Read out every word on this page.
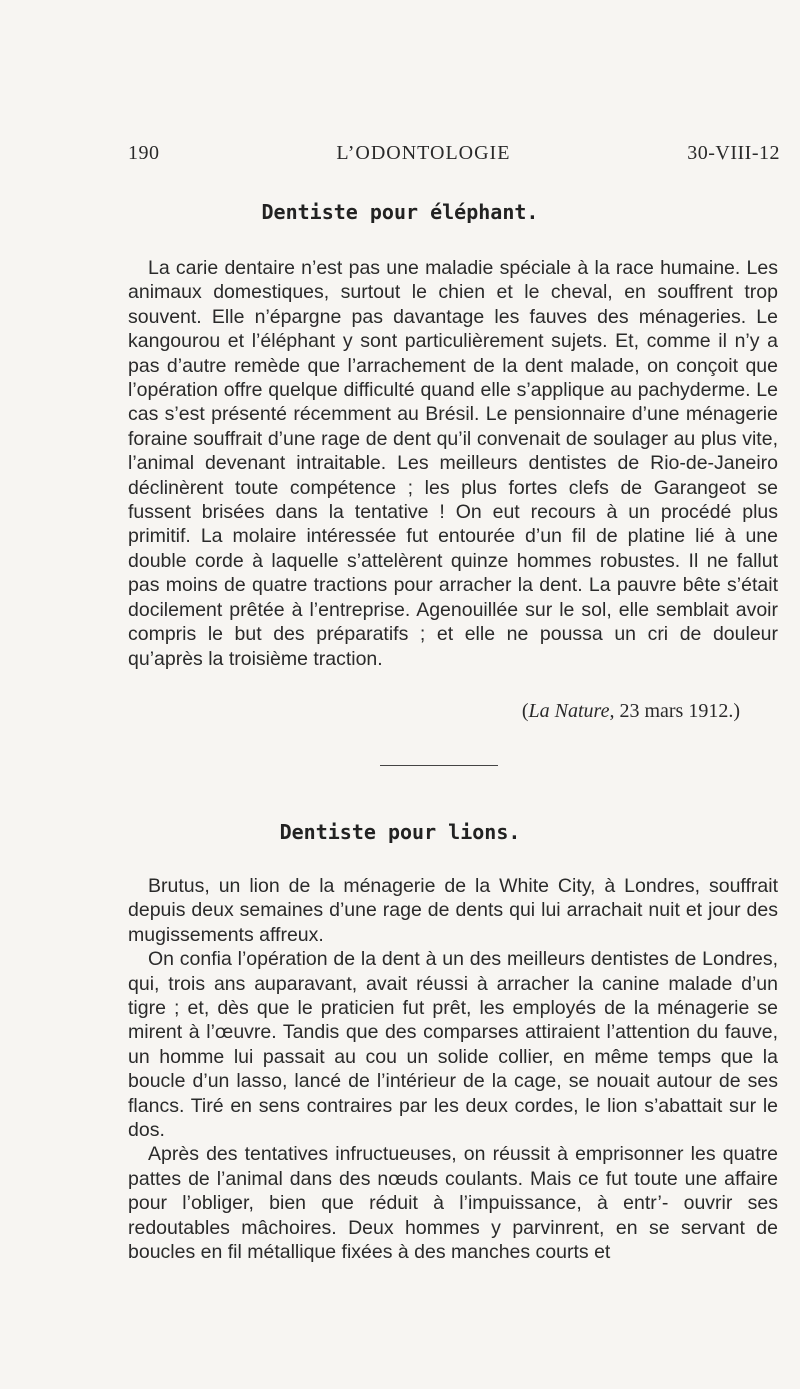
190	L’ODONTOLOGIE	30-VIII-12
Dentiste pour éléphant.

La carie dentaire n’est pas une maladie spéciale à la race humaine. Les animaux domestiques, surtout le chien et le cheval, en souffrent trop souvent. Elle n’épargne pas davantage les fauves des ménageries. Le kangourou et l’éléphant y sont particulièrement sujets. Et, comme il n’y a pas d’autre remède que l’arrachement de la dent malade, on conçoit que l’opération offre quelque difficulté quand elle s’applique au pachyderme. Le cas s’est présenté récemment au Brésil. Le pensionnaire d’une ménagerie foraine souffrait d’une rage de dent qu’il convenait de soulager au plus vite, l’animal devenant intraitable. Les meilleurs dentistes de Rio-de-Janeiro déclinèrent toute compétence ; les plus fortes clefs de Garangeot se fussent brisées dans la tentative ! On eut recours à un procédé plus primitif. La molaire intéressée fut entourée d’un fil de platine lié à une double corde à laquelle s’attelèrent quinze hommes robustes. Il ne fallut pas moins de quatre tractions pour arracher la dent. La pauvre bête s’était docilement prêtée à l’entreprise. Agenouillée sur le sol, elle semblait avoir compris le but des préparatifs ; et elle ne poussa un cri de douleur qu’après la troisième traction.

(La Nature, 23 mars 1912.)
Dentiste pour lions.

Brutus, un lion de la ménagerie de la White City, à Londres, souffrait depuis deux semaines d’une rage de dents qui lui arrachait nuit et jour des mugissements affreux.

On confia l’opération de la dent à un des meilleurs dentistes de Londres, qui, trois ans auparavant, avait réussi à arracher la canine malade d’un tigre ; et, dès que le praticien fut prêt, les employés de la ménagerie se mirent à l’œuvre. Tandis que des comparses attiraient l’attention du fauve, un homme lui passait au cou un solide collier, en même temps que la boucle d’un lasso, lancé de l’intérieur de la cage, se nouait autour de ses flancs. Tiré en sens contraires par les deux cordes, le lion s’abattait sur le dos.

Après des tentatives infructueuses, on réussit à emprisonner les quatre pattes de l’animal dans des nœuds coulants. Mais ce fut toute une affaire pour l’obliger, bien que réduit à l’impuissance, à entr’- ouvrir ses redoutables mâchoires. Deux hommes y parvinrent, en se servant de boucles en fil métallique fixées à des manches courts et
